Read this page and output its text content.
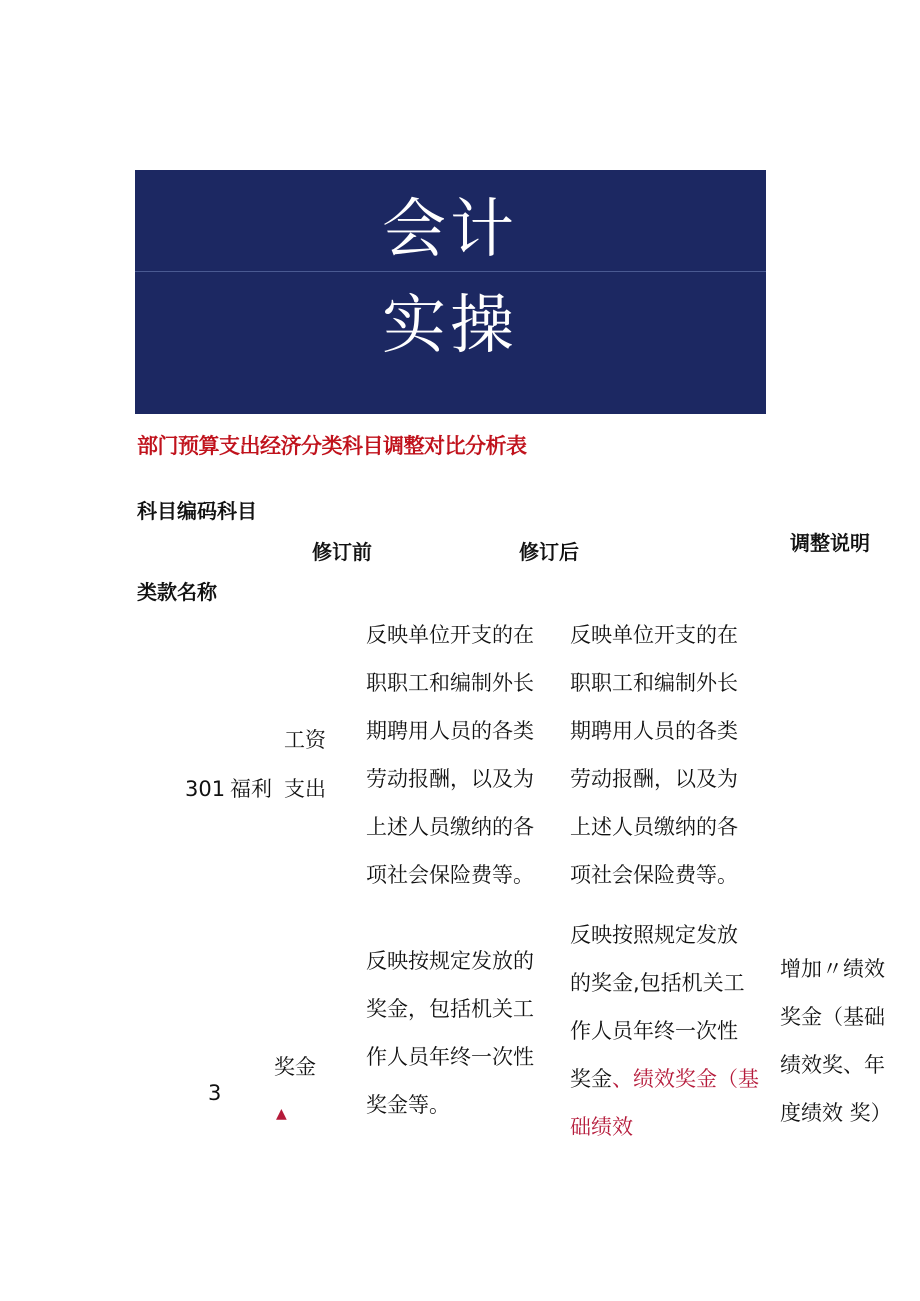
会计
实操
部门预算支出经济分类科目调整对比分析表
科目编码科目
修订前	修订后	调整说明
类款名称
工资
301 福利 支出
反映单位开支的在
职职工和编制外长
期聘用人员的各类
劳动报酬，以及为
上述人员缴纳的各
项社会保险费等。
反映单位开支的在
职职工和编制外长
期聘用人员的各类
劳动报酬，以及为
上述人员缴纳的各
项社会保险费等。
3
奖金
▲
反映按规定发放的
奖金，包括机关工
作人员年终一次性
奖金等。
反映按照规定发放
的奖金,包括机关工
作人员年终一次性
奖金、绩效奖金（基
础绩效
增加〃绩效
奖金（基础
绩效奖、年
度绩效 奖）
